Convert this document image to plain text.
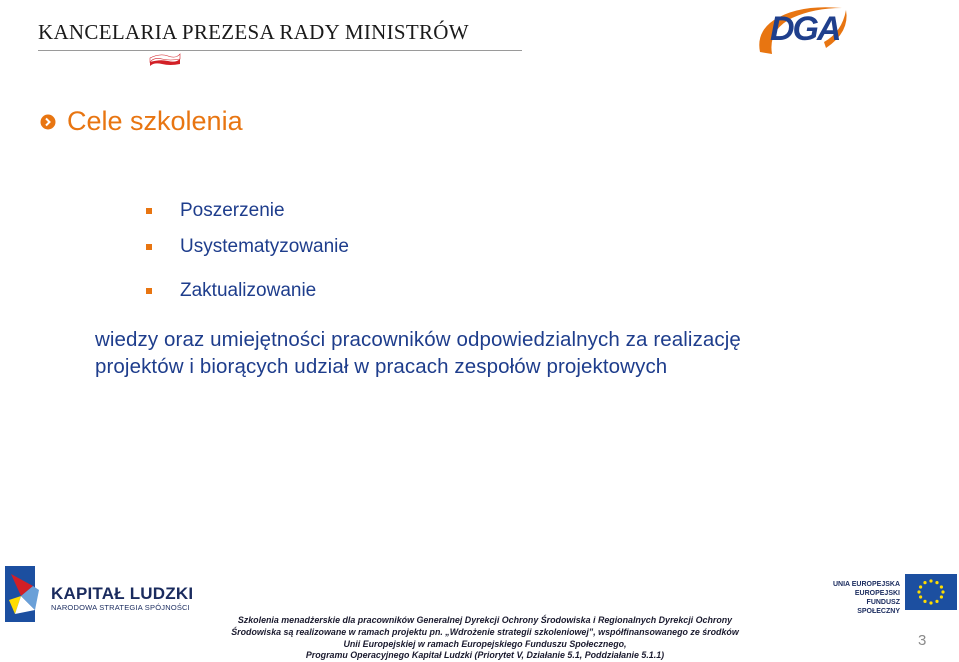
KANCELARIA PREZESA RADY MINISTRÓW	DGA
Cele szkolenia
Poszerzenie
Usystematyzowanie
Zaktualizowanie
wiedzy oraz umiejętności pracowników odpowiedzialnych za realizację
projektów i biorących udział w pracach zespołów projektowych
KAPITAŁ LUDZKI
NARODOWA STRATEGIA SPÓJNOŚCI
UNIA EUROPEJSKA
EUROPEJSKI
FUNDUSZ SPOŁECZNY
Szkolenia menadżerskie dla pracowników Generalnej Dyrekcji Ochrony Środowiska i Regionalnych Dyrekcji Ochrony
Środowiska są realizowane w ramach projektu pn. „Wdrożenie strategii szkoleniowej”, współfinansowanego ze środków
Unii Europejskiej w ramach Europejskiego Funduszu Społecznego,
Programu Operacyjnego Kapitał Ludzki (Priorytet V, Działanie 5.1, Poddziałanie 5.1.1)
3
